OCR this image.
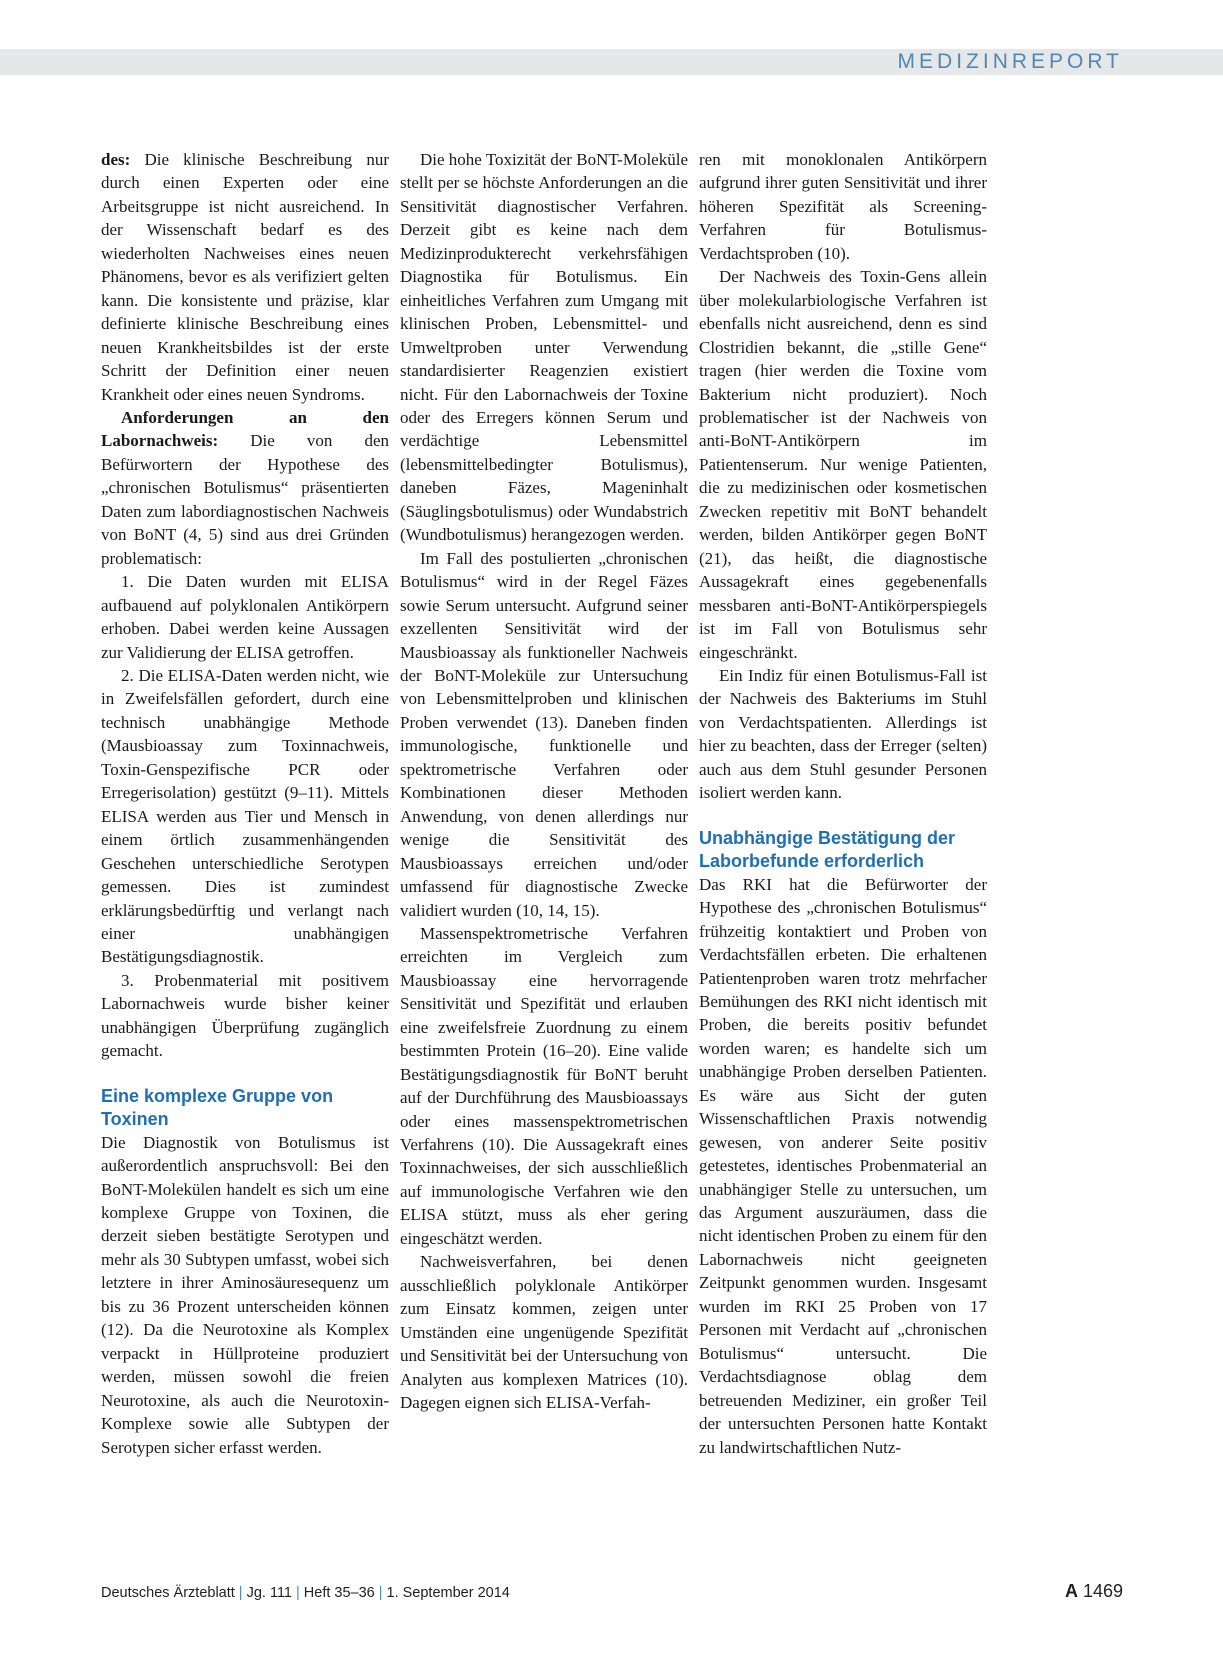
MEDIZINREPORT

des: Die klinische Beschreibung nur durch einen Experten oder eine Arbeitsgruppe ist nicht ausreichend. In der Wissenschaft bedarf es des wiederholten Nachweises eines neuen Phänomens, bevor es als verifiziert gelten kann. Die konsistente und präzise, klar definierte klinische Beschreibung eines neuen Krankheitsbildes ist der erste Schritt der Definition einer neuen Krankheit oder eines neuen Syndroms.

Anforderungen an den Labornachweis: Die von den Befürwortern der Hypothese des „chronischen Botulismus“ präsentierten Daten zum labordiagnostischen Nachweis von BoNT (4, 5) sind aus drei Gründen problematisch:

1. Die Daten wurden mit ELISA aufbauend auf polyklonalen Antikörpern erhoben. Dabei werden keine Aussagen zur Validierung der ELISA getroffen.

2. Die ELISA-Daten werden nicht, wie in Zweifelsfällen gefordert, durch eine technisch unabhängige Methode (Mausbioassay zum Toxinnachweis, Toxin-Genspezifische PCR oder Erregerisolation) gestützt (9–11). Mittels ELISA werden aus Tier und Mensch in einem örtlich zusammenhängenden Geschehen unterschiedliche Serotypen gemessen. Dies ist zumindest erklärungsbedürftig und verlangt nach einer unabhängigen Bestätigungsdiagnostik.

3. Probenmaterial mit positivem Labornachweis wurde bisher keiner unabhängigen Überprüfung zugänglich gemacht.

Eine komplexe Gruppe von Toxinen

Die Diagnostik von Botulismus ist außerordentlich anspruchsvoll: Bei den BoNT-Molekülen handelt es sich um eine komplexe Gruppe von Toxinen, die derzeit sieben bestätigte Serotypen und mehr als 30 Subtypen umfasst, wobei sich letztere in ihrer Aminosäuresequenz um bis zu 36 Prozent unterscheiden können (12). Da die Neurotoxine als Komplex verpackt in Hüllproteine produziert werden, müssen sowohl die freien Neurotoxine, als auch die Neurotoxin-Komplexe sowie alle Subtypen der Serotypen sicher erfasst werden.

Die hohe Toxizität der BoNT-Moleküle stellt per se höchste Anforderungen an die Sensitivität diagnostischer Verfahren. Derzeit gibt es keine nach dem Medizinprodukterecht verkehrsfähigen Diagnostika für Botulismus. Ein einheitliches Verfahren zum Umgang mit klinischen Proben, Lebensmittel- und Umweltproben unter Verwendung standardisierter Reagenzien existiert nicht. Für den Labornachweis der Toxine oder des Erregers können Serum und verdächtige Lebensmittel (lebensmittelbedingter Botulismus), daneben Fäzes, Mageninhalt (Säuglingsbotulismus) oder Wundabstrich (Wundbotulismus) herangezogen werden.

Im Fall des postulierten „chronischen Botulismus“ wird in der Regel Fäzes sowie Serum untersucht. Aufgrund seiner exzellenten Sensitivität wird der Mausbioassay als funktioneller Nachweis der BoNT-Moleküle zur Untersuchung von Lebensmittelproben und klinischen Proben verwendet (13). Daneben finden immunologische, funktionelle und spektrometrische Verfahren oder Kombinationen dieser Methoden Anwendung, von denen allerdings nur wenige die Sensitivität des Mausbioassays erreichen und/oder umfassend für diagnostische Zwecke validiert wurden (10, 14, 15).

Massenspektrometrische Verfahren erreichten im Vergleich zum Mausbioassay eine hervorragende Sensitivität und Spezifität und erlauben eine zweifelsfreie Zuordnung zu einem bestimmten Protein (16–20). Eine valide Bestätigungsdiagnostik für BoNT beruht auf der Durchführung des Mausbioassays oder eines massenspektrometrischen Verfahrens (10). Die Aussagekraft eines Toxinnachweises, der sich ausschließlich auf immunologische Verfahren wie den ELISA stützt, muss als eher gering eingeschätzt werden.

Nachweisverfahren, bei denen ausschließlich polyklonale Antikörper zum Einsatz kommen, zeigen unter Umständen eine ungenügende Spezifität und Sensitivität bei der Untersuchung von Analyten aus komplexen Matrices (10). Dagegen eignen sich ELISA-Verfah-

ren mit monoklonalen Antikörpern aufgrund ihrer guten Sensitivität und ihrer höheren Spezifität als Screening-Verfahren für Botulismus-Verdachtsproben (10).

Der Nachweis des Toxin-Gens allein über molekularbiologische Verfahren ist ebenfalls nicht ausreichend, denn es sind Clostridien bekannt, die „stille Gene“ tragen (hier werden die Toxine vom Bakterium nicht produziert). Noch problematischer ist der Nachweis von anti-BoNT-Antikörpern im Patientenserum. Nur wenige Patienten, die zu medizinischen oder kosmetischen Zwecken repetitiv mit BoNT behandelt werden, bilden Antikörper gegen BoNT (21), das heißt, die diagnostische Aussagekraft eines gegebenenfalls messbaren anti-BoNT-Antikörperspiegels ist im Fall von Botulismus sehr eingeschränkt.

Ein Indiz für einen Botulismus-Fall ist der Nachweis des Bakteriums im Stuhl von Verdachtspatienten. Allerdings ist hier zu beachten, dass der Erreger (selten) auch aus dem Stuhl gesunder Personen isoliert werden kann.

Unabhängige Bestätigung der Laborbefunde erforderlich

Das RKI hat die Befürworter der Hypothese des „chronischen Botulismus“ frühzeitig kontaktiert und Proben von Verdachtsfällen erbeten. Die erhaltenen Patientenproben waren trotz mehrfacher Bemühungen des RKI nicht identisch mit Proben, die bereits positiv befundet worden waren; es handelte sich um unabhängige Proben derselben Patienten. Es wäre aus Sicht der guten Wissenschaftlichen Praxis notwendig gewesen, von anderer Seite positiv getestetes, identisches Probenmaterial an unabhängiger Stelle zu untersuchen, um das Argument auszuräumen, dass die nicht identischen Proben zu einem für den Labornachweis nicht geeigneten Zeitpunkt genommen wurden. Insgesamt wurden im RKI 25 Proben von 17 Personen mit Verdacht auf „chronischen Botulismus“ untersucht. Die Verdachtsdiagnose oblag dem betreuenden Mediziner, ein großer Teil der untersuchten Personen hatte Kontakt zu landwirtschaftlichen Nutz-

Deutsches Ärzteblatt | Jg. 111 | Heft 35–36 | 1. September 2014	A 1469
